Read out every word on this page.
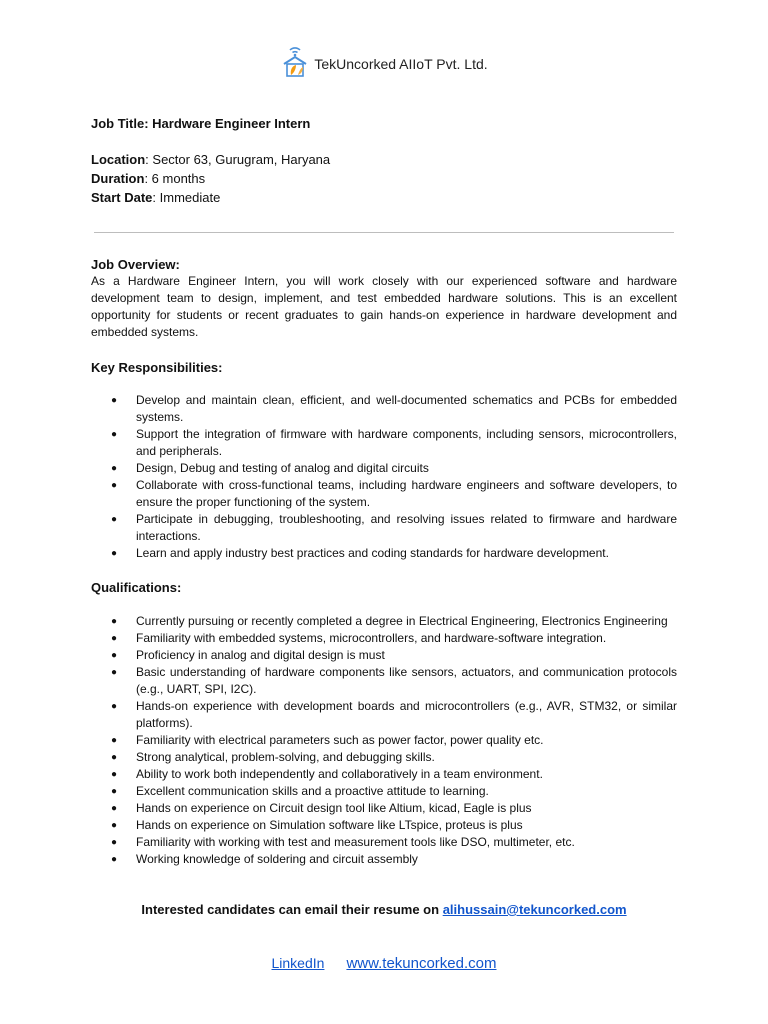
TekUncorked AIIoT Pvt. Ltd.
Job Title: Hardware Engineer Intern
Location: Sector 63, Gurugram, Haryana
Duration: 6 months
Start Date: Immediate
Job Overview:

As a Hardware Engineer Intern, you will work closely with our experienced software and hardware development team to design, implement, and test embedded hardware solutions. This is an excellent opportunity for students or recent graduates to gain hands-on experience in hardware development and embedded systems.

Key Responsibilities:
● Develop and maintain clean, efficient, and well-documented schematics and PCBs for embedded systems.
● Support the integration of firmware with hardware components, including sensors, microcontrollers, and peripherals.
● Design, Debug and testing of analog and digital circuits
● Collaborate with cross-functional teams, including hardware engineers and software developers, to ensure the proper functioning of the system.
● Participate in debugging, troubleshooting, and resolving issues related to firmware and hardware interactions.
● Learn and apply industry best practices and coding standards for hardware development.
Qualifications:
● Currently pursuing or recently completed a degree in Electrical Engineering, Electronics Engineering
● Familiarity with embedded systems, microcontrollers, and hardware-software integration.
● Proficiency in analog and digital design is must
● Basic understanding of hardware components like sensors, actuators, and communication protocols (e.g., UART, SPI, I2C).
● Hands-on experience with development boards and microcontrollers (e.g., AVR, STM32, or similar platforms).
● Familiarity with electrical parameters such as power factor, power quality etc.
● Strong analytical, problem-solving, and debugging skills.
● Ability to work both independently and collaboratively in a team environment.
● Excellent communication skills and a proactive attitude to learning.
● Hands on experience on Circuit design tool like Altium, kicad, Eagle is plus
● Hands on experience on Simulation software like LTspice, proteus is plus
● Familiarity with working with test and measurement tools like DSO, multimeter, etc.
● Working knowledge of soldering and circuit assembly
Interested candidates can email their resume on alihussain@tekuncorked.com
LinkedIn www.tekuncorked.com
